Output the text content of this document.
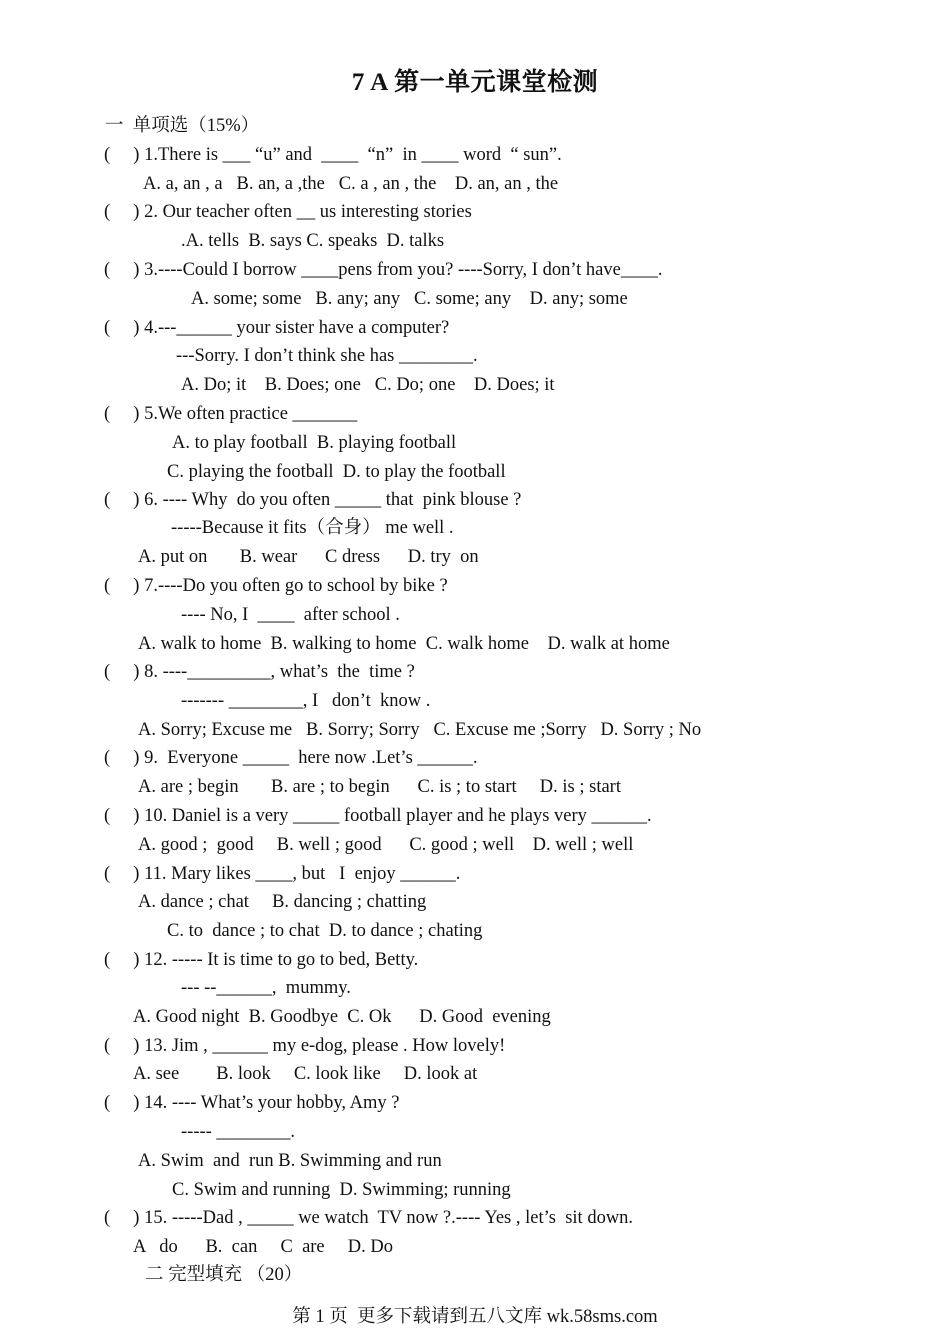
7 A 第一单元课堂检测
一  单项选（15%）
(     ) 1.There is ___ “u” and  ____  “n”  in ____ word  “ sun”.
A. a, an , a   B. an, a ,the   C. a , an , the    D. an, an , the
(     ) 2. Our teacher often __ us interesting stories
.A. tells  B. says C. speaks  D. talks
(     ) 3.----Could I borrow ____pens from you? ----Sorry, I don’t have____.
A. some; some   B. any; any   C. some; any    D. any; some
(     ) 4.---______ your sister have a computer?
---Sorry. I don’t think she has ________.
A. Do; it    B. Does; one   C. Do; one    D. Does; it
(     ) 5.We often practice _______
A. to play football  B. playing football
C. playing the football  D. to play the football
(     ) 6. ---- Why  do you often _____ that  pink blouse ?
-----Because it fits（合身） me well .
A. put on       B. wear      C dress      D. try  on
(     ) 7.----Do you often go to school by bike ?
---- No, I  ____  after school .
A. walk to home  B. walking to home  C. walk home    D. walk at home
(     ) 8. ----_________, what’s  the  time ?
------- ________, I   don’t  know .
A. Sorry; Excuse me   B. Sorry; Sorry   C. Excuse me ;Sorry   D. Sorry ; No
(     ) 9.  Everyone _____  here now .Let’s ______.
A. are ; begin       B. are ; to begin      C. is ; to start     D. is ; start
(     ) 10. Daniel is a very _____ football player and he plays very ______.
A. good ;  good     B. well ; good      C. good ; well    D. well ; well
(     ) 11. Mary likes ____, but   I  enjoy ______.
A. dance ; chat     B. dancing ; chatting
C. to  dance ; to chat  D. to dance ; chating
(     ) 12. ----- It is time to go to bed, Betty.
--- --______,  mummy.
A. Good night  B. Goodbye  C. Ok      D. Good  evening
(     ) 13. Jim , ______ my e-dog, please . How lovely!
A. see        B. look     C. look like     D. look at
(     ) 14. ---- What’s your hobby, Amy ?
----- ________.
A. Swim  and  run B. Swimming and run
C. Swim and running  D. Swimming; running
(     ) 15. -----Dad , _____ we watch  TV now ?.---- Yes , let’s  sit down.
A   do      B.  can     C  are     D. Do
二 完型填充 （20）
第 1 页  更多下载请到五八文库 wk.58sms.com
